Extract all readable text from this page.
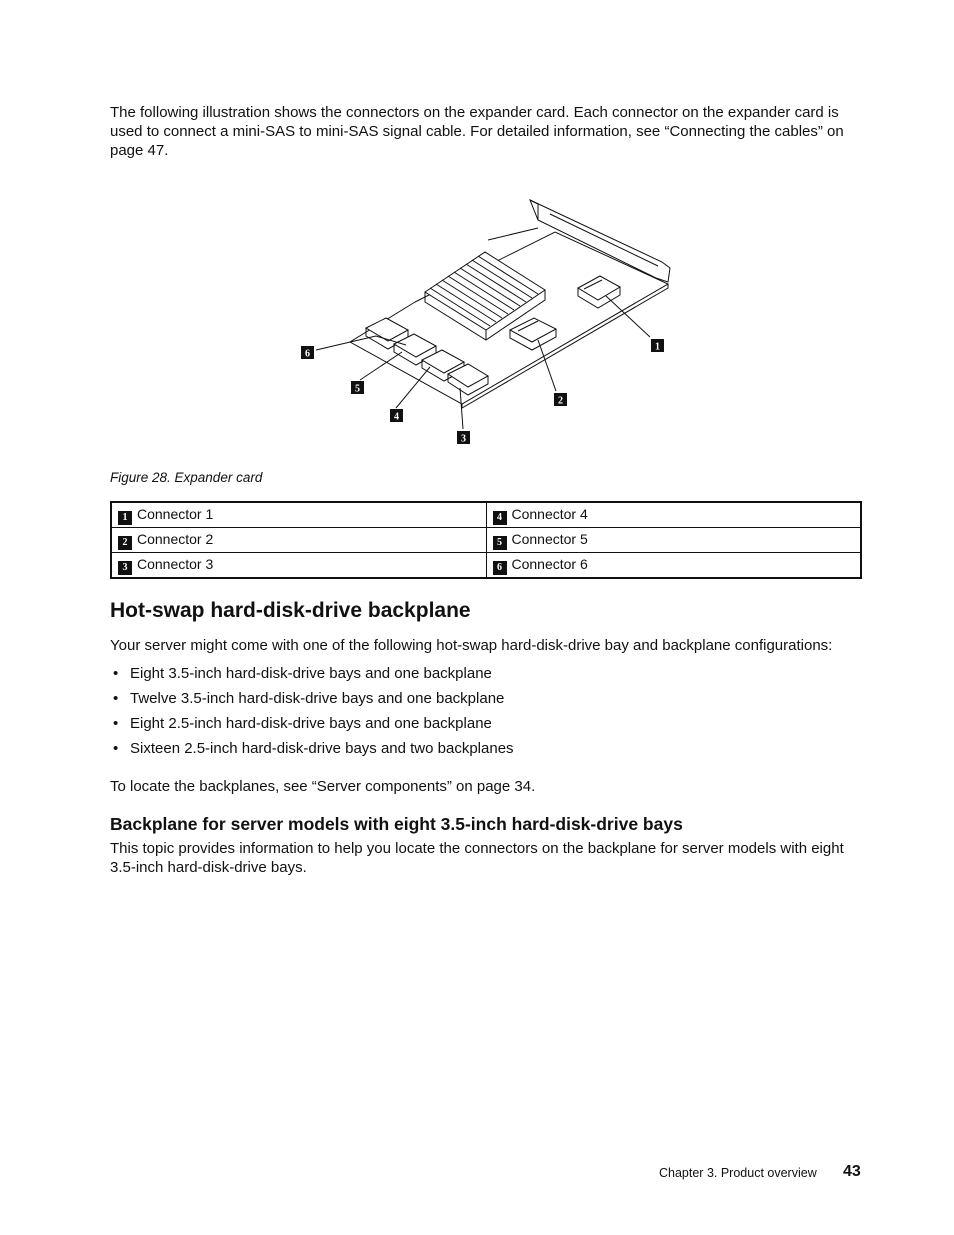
The following illustration shows the connectors on the expander card. Each connector on the expander card is used to connect a mini-SAS to mini-SAS signal cable. For detailed information, see “Connecting the cables” on page 47.

1
2
3
4
5
6
Figure 28. Expander card
1 Connector 1	4 Connector 4
2 Connector 2	5 Connector 5
3 Connector 3	6 Connector 6
Hot-swap hard-disk-drive backplane

Your server might come with one of the following hot-swap hard-disk-drive bay and backplane configurations:

• Eight 3.5-inch hard-disk-drive bays and one backplane
• Twelve 3.5-inch hard-disk-drive bays and one backplane
• Eight 2.5-inch hard-disk-drive bays and one backplane
• Sixteen 2.5-inch hard-disk-drive bays and two backplanes

To locate the backplanes, see “Server components” on page 34.

Backplane for server models with eight 3.5-inch hard-disk-drive bays

This topic provides information to help you locate the connectors on the backplane for server models with eight 3.5-inch hard-disk-drive bays.

Chapter 3. Product overview 43
